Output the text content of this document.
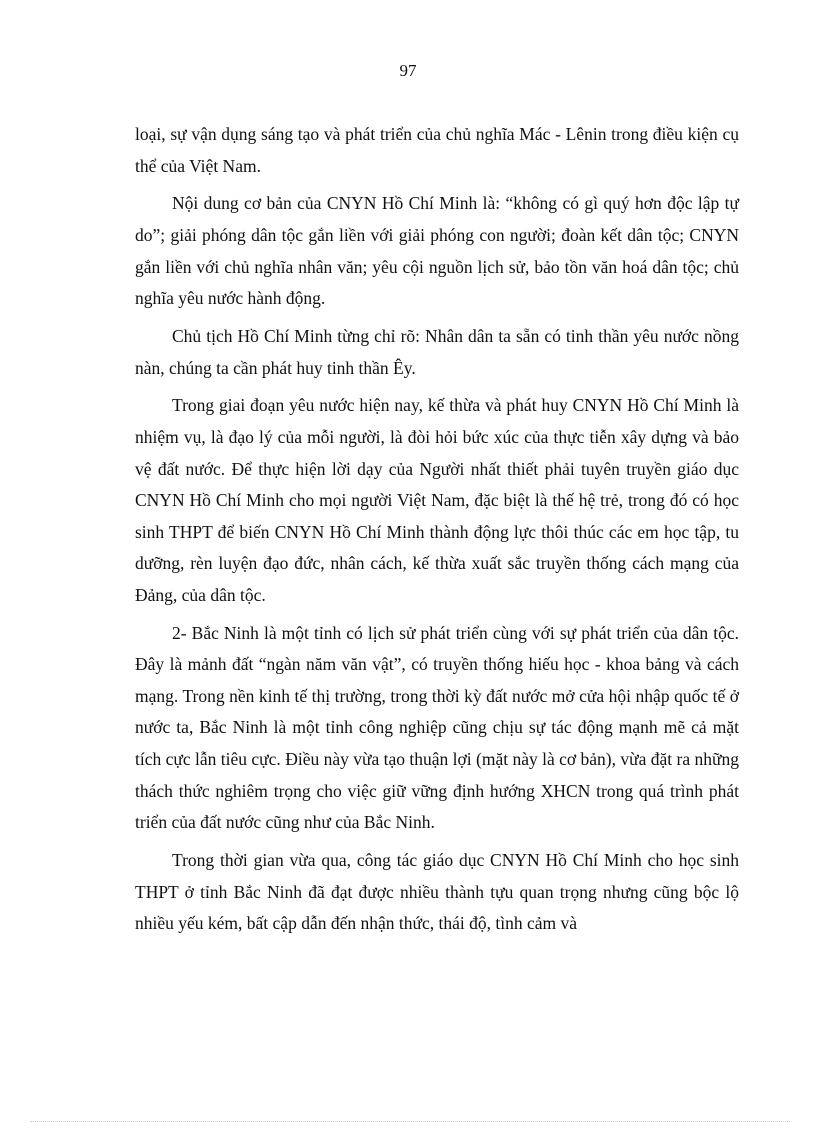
97

loại, sự vận dụng sáng tạo và phát triển của chủ nghĩa Mác - Lênin trong điều kiện cụ thể của Việt Nam.

Nội dung cơ bản của CNYN Hồ Chí Minh là: “không có gì quý hơn độc lập tự do”; giải phóng dân tộc gắn liền với giải phóng con người; đoàn kết dân tộc; CNYN gắn liền với chủ nghĩa nhân văn; yêu cội nguồn lịch sử, bảo tồn văn hoá dân tộc; chủ nghĩa yêu nước hành động.

Chủ tịch Hồ Chí Minh từng chỉ rõ: Nhân dân ta sẵn có tinh thần yêu nước nồng nàn, chúng ta cần phát huy tinh thần Êy.

Trong giai đoạn yêu nước hiện nay, kế thừa và phát huy CNYN Hồ Chí Minh là nhiệm vụ, là đạo lý của mỗi người, là đòi hỏi bức xúc của thực tiễn xây dựng và bảo vệ đất nước. Để thực hiện lời dạy của Người nhất thiết phải tuyên truyền giáo dục CNYN Hồ Chí Minh cho mọi người Việt Nam, đặc biệt là thế hệ trẻ, trong đó có học sinh THPT để biến CNYN Hồ Chí Minh thành động lực thôi thúc các em học tập, tu dưỡng, rèn luyện đạo đức, nhân cách, kế thừa xuất sắc truyền thống cách mạng của Đảng, của dân tộc.

2- Bắc Ninh là một tỉnh có lịch sử phát triển cùng với sự phát triển của dân tộc. Đây là mảnh đất “ngàn năm văn vật”, có truyền thống hiếu học - khoa bảng và cách mạng. Trong nền kinh tế thị trường, trong thời kỳ đất nước mở cửa hội nhập quốc tế ở nước ta, Bắc Ninh là một tỉnh công nghiệp cũng chịu sự tác động mạnh mẽ cả mặt tích cực lẫn tiêu cực. Điều này vừa tạo thuận lợi (mặt này là cơ bản), vừa đặt ra những thách thức nghiêm trọng cho việc giữ vững định hướng XHCN trong quá trình phát triển của đất nước cũng như của Bắc Ninh.

Trong thời gian vừa qua, công tác giáo dục CNYN Hồ Chí Minh cho học sinh THPT ở tỉnh Bắc Ninh đã đạt được nhiều thành tựu quan trọng nhưng cũng bộc lộ nhiều yếu kém, bất cập dẫn đến nhận thức, thái độ, tình cảm và
